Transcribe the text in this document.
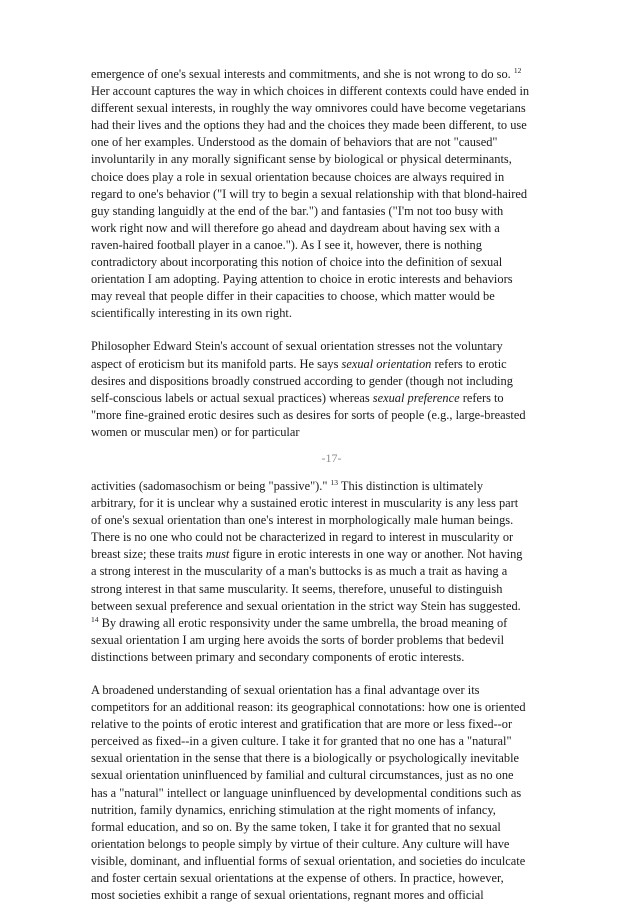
emergence of one's sexual interests and commitments, and she is not wrong to do so. $^{12}$
Her account captures the way in which choices in different contexts could have ended in
different sexual interests, in roughly the way omnivores could have become vegetarians
had their lives and the options they had and the choices they made been different, to use
one of her examples. Understood as the domain of behaviors that are not "caused"
involuntarily in any morally significant sense by biological or physical determinants,
choice does play a role in sexual orientation because choices are always required in
regard to one's behavior ("I will try to begin a sexual relationship with that blond-haired
guy standing languidly at the end of the bar.") and fantasies ("I'm not too busy with
work right now and will therefore go ahead and daydream about having sex with a
raven-haired football player in a canoe."). As I see it, however, there is nothing
contradictory about incorporating this notion of choice into the definition of sexual
orientation I am adopting. Paying attention to choice in erotic interests and behaviors
may reveal that people differ in their capacities to choose, which matter would be
scientifically interesting in its own right.

Philosopher Edward Stein's account of sexual orientation stresses not the voluntary
aspect of eroticism but its manifold parts. He says sexual orientation refers to erotic
desires and dispositions broadly construed according to gender (though not including
self-conscious labels or actual sexual practices) whereas sexual preference refers to
"more fine-grained erotic desires such as desires for sorts of people (e.g., large-breasted
women or muscular men) or for particular

-17-

activities (sadomasochism or being "passive")." $^{13}$ This distinction is ultimately
arbitrary, for it is unclear why a sustained erotic interest in muscularity is any less part
of one's sexual orientation than one's interest in morphologically male human beings.
There is no one who could not be characterized in regard to interest in muscularity or
breast size; these traits must figure in erotic interests in one way or another. Not having
a strong interest in the muscularity of a man's buttocks is as much a trait as having a
strong interest in that same muscularity. It seems, therefore, unuseful to distinguish
between sexual preference and sexual orientation in the strict way Stein has suggested.
$^{14}$ By drawing all erotic responsivity under the same umbrella, the broad meaning of
sexual orientation I am urging here avoids the sorts of border problems that bedevil
distinctions between primary and secondary components of erotic interests.

A broadened understanding of sexual orientation has a final advantage over its
competitors for an additional reason: its geographical connotations: how one is oriented
relative to the points of erotic interest and gratification that are more or less fixed--or
perceived as fixed--in a given culture. I take it for granted that no one has a "natural"
sexual orientation in the sense that there is a biologically or psychologically inevitable
sexual orientation uninfluenced by familial and cultural circumstances, just as no one
has a "natural" intellect or language uninfluenced by developmental conditions such as
nutrition, family dynamics, enriching stimulation at the right moments of infancy,
formal education, and so on. By the same token, I take it for granted that no sexual
orientation belongs to people simply by virtue of their culture. Any culture will have
visible, dominant, and influential forms of sexual orientation, and societies do inculcate
and foster certain sexual orientations at the expense of others. In practice, however,
most societies exhibit a range of sexual orientations, regnant mores and official
